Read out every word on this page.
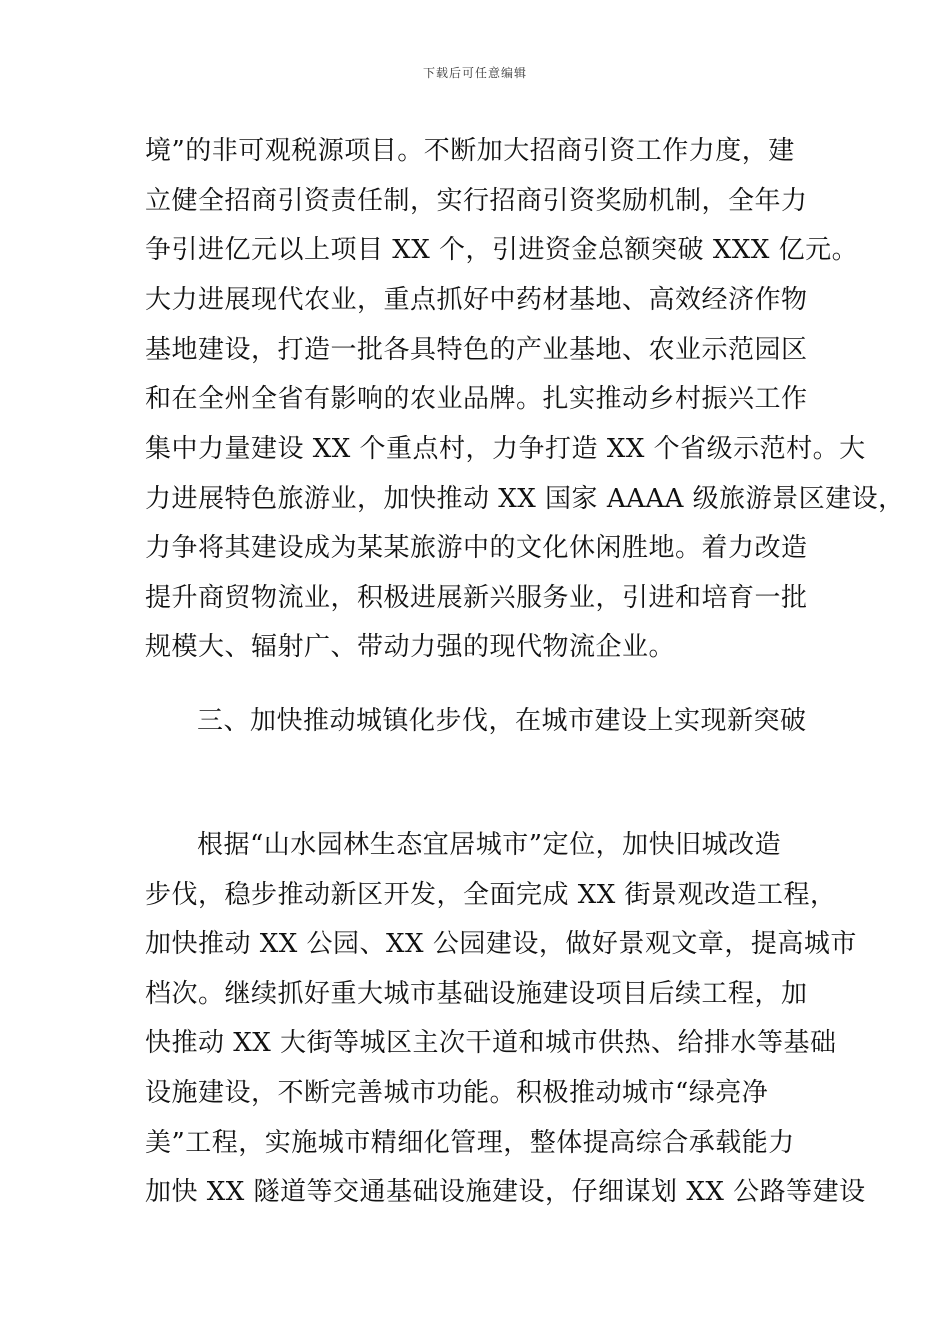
下载后可任意编辑
境”的非可观税源项目。不断加大招商引资工作力度，建
立健全招商引资责任制，实行招商引资奖励机制，全年力
争引进亿元以上项目 XX 个，引进资金总额突破 XXX 亿元。
大力进展现代农业，重点抓好中药材基地、高效经济作物
基地建设，打造一批各具特色的产业基地、农业示范园区
和在全州全省有影响的农业品牌。扎实推动乡村振兴工作
集中力量建设 XX 个重点村，力争打造 XX 个省级示范村。大
力进展特色旅游业，加快推动 XX 国家 AAAA 级旅游景区建设，
力争将其建设成为某某旅游中的文化休闲胜地。着力改造
提升商贸物流业，积极进展新兴服务业，引进和培育一批
规模大、辐射广、带动力强的现代物流企业。
三、加快推动城镇化步伐，在城市建设上实现新突破
根据“山水园林生态宜居城市”定位，加快旧城改造
步伐，稳步推动新区开发，全面完成 XX 街景观改造工程，
加快推动 XX 公园、XX 公园建设，做好景观文章，提高城市
档次。继续抓好重大城市基础设施建设项目后续工程，加
快推动 XX 大街等城区主次干道和城市供热、给排水等基础
设施建设，不断完善城市功能。积极推动城市“绿亮净
美”工程，实施城市精细化管理，整体提高综合承载能力
加快 XX 隧道等交通基础设施建设，仔细谋划 XX 公路等建设
